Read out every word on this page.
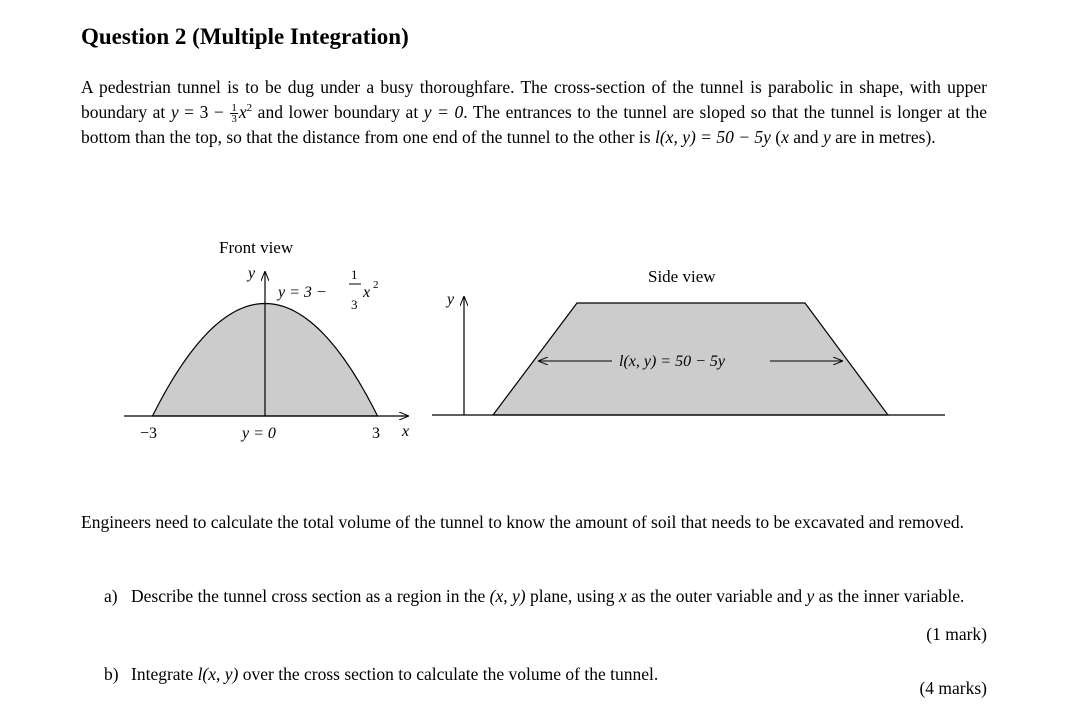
Question 2 (Multiple Integration)

A pedestrian tunnel is to be dug under a busy thoroughfare. The cross-section of the tunnel is parabolic in shape, with upper boundary at $y = 3 - \frac{1}{3} x^2$ and lower boundary at y = 0. The entrances to the tunnel are sloped so that the tunnel is longer at the bottom than the top, so that the distance from one end of the tunnel to the other is l(x, y) = 50 − 5y (x and y are in metres).

Front view
y
x
y = 3 −
1
3
x 2
y = 0
−3	3
Side view
y
l(x, y) = 50 − 5y

Engineers need to calculate the total volume of the tunnel to know the amount of soil that needs to be excavated and removed.

a) Describe the tunnel cross section as a region in the (x, y) plane, using x as the outer variable and y as the inner variable.
(1 mark)
b) Integrate l(x, y) over the cross section to calculate the volume of the tunnel.
(4 marks)
